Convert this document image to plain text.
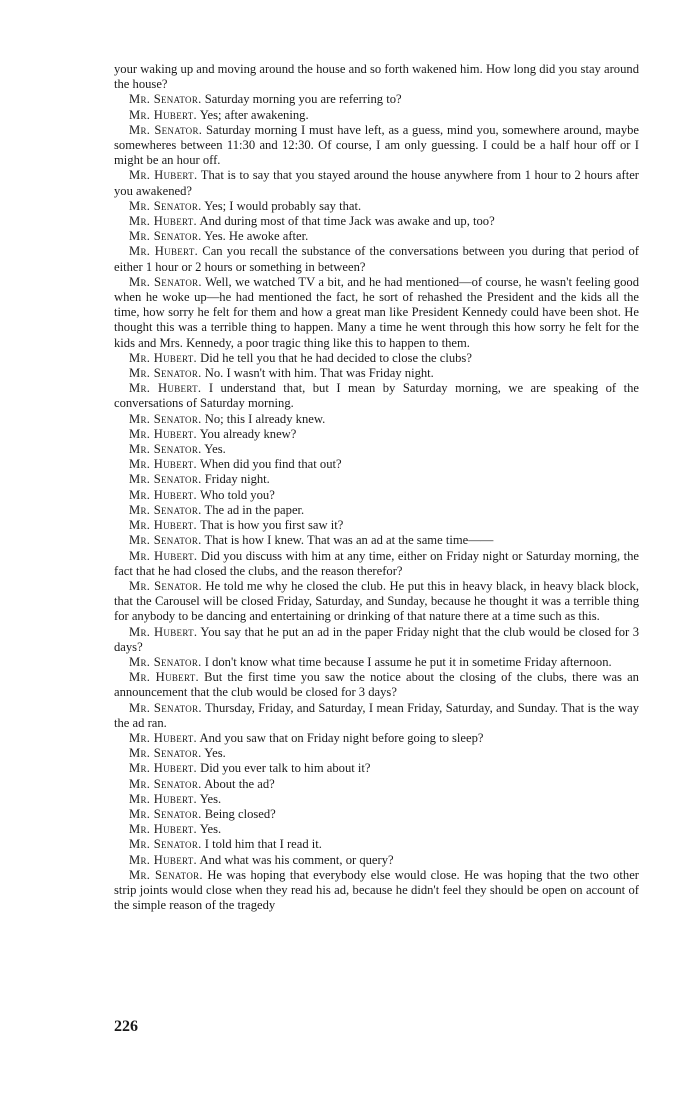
your waking up and moving around the house and so forth wakened him. How long did you stay around the house?

Mr. Senator. Saturday morning you are referring to?

Mr. Hubert. Yes; after awakening.

Mr. Senator. Saturday morning I must have left, as a guess, mind you, somewhere around, maybe somewheres between 11:30 and 12:30. Of course, I am only guessing. I could be a half hour off or I might be an hour off.

Mr. Hubert. That is to say that you stayed around the house anywhere from 1 hour to 2 hours after you awakened?

Mr. Senator. Yes; I would probably say that.

Mr. Hubert. And during most of that time Jack was awake and up, too?

Mr. Senator. Yes. He awoke after.

Mr. Hubert. Can you recall the substance of the conversations between you during that period of either 1 hour or 2 hours or something in between?

Mr. Senator. Well, we watched TV a bit, and he had mentioned—of course, he wasn't feeling good when he woke up—he had mentioned the fact, he sort of rehashed the President and the kids all the time, how sorry he felt for them and how a great man like President Kennedy could have been shot. He thought this was a terrible thing to happen. Many a time he went through this how sorry he felt for the kids and Mrs. Kennedy, a poor tragic thing like this to happen to them.

Mr. Hubert. Did he tell you that he had decided to close the clubs?

Mr. Senator. No. I wasn't with him. That was Friday night.

Mr. Hubert. I understand that, but I mean by Saturday morning, we are speaking of the conversations of Saturday morning.

Mr. Senator. No; this I already knew.

Mr. Hubert. You already knew?

Mr. Senator. Yes.

Mr. Hubert. When did you find that out?

Mr. Senator. Friday night.

Mr. Hubert. Who told you?

Mr. Senator. The ad in the paper.

Mr. Hubert. That is how you first saw it?

Mr. Senator. That is how I knew. That was an ad at the same time——

Mr. Hubert. Did you discuss with him at any time, either on Friday night or Saturday morning, the fact that he had closed the clubs, and the reason therefor?

Mr. Senator. He told me why he closed the club. He put this in heavy black, in heavy black block, that the Carousel will be closed Friday, Saturday, and Sunday, because he thought it was a terrible thing for anybody to be dancing and entertaining or drinking of that nature there at a time such as this.

Mr. Hubert. You say that he put an ad in the paper Friday night that the club would be closed for 3 days?

Mr. Senator. I don't know what time because I assume he put it in sometime Friday afternoon.

Mr. Hubert. But the first time you saw the notice about the closing of the clubs, there was an announcement that the club would be closed for 3 days?

Mr. Senator. Thursday, Friday, and Saturday, I mean Friday, Saturday, and Sunday. That is the way the ad ran.

Mr. Hubert. And you saw that on Friday night before going to sleep?

Mr. Senator. Yes.

Mr. Hubert. Did you ever talk to him about it?

Mr. Senator. About the ad?

Mr. Hubert. Yes.

Mr. Senator. Being closed?

Mr. Hubert. Yes.

Mr. Senator. I told him that I read it.

Mr. Hubert. And what was his comment, or query?

Mr. Senator. He was hoping that everybody else would close. He was hoping that the two other strip joints would close when they read his ad, because he didn't feel they should be open on account of the simple reason of the tragedy

226
